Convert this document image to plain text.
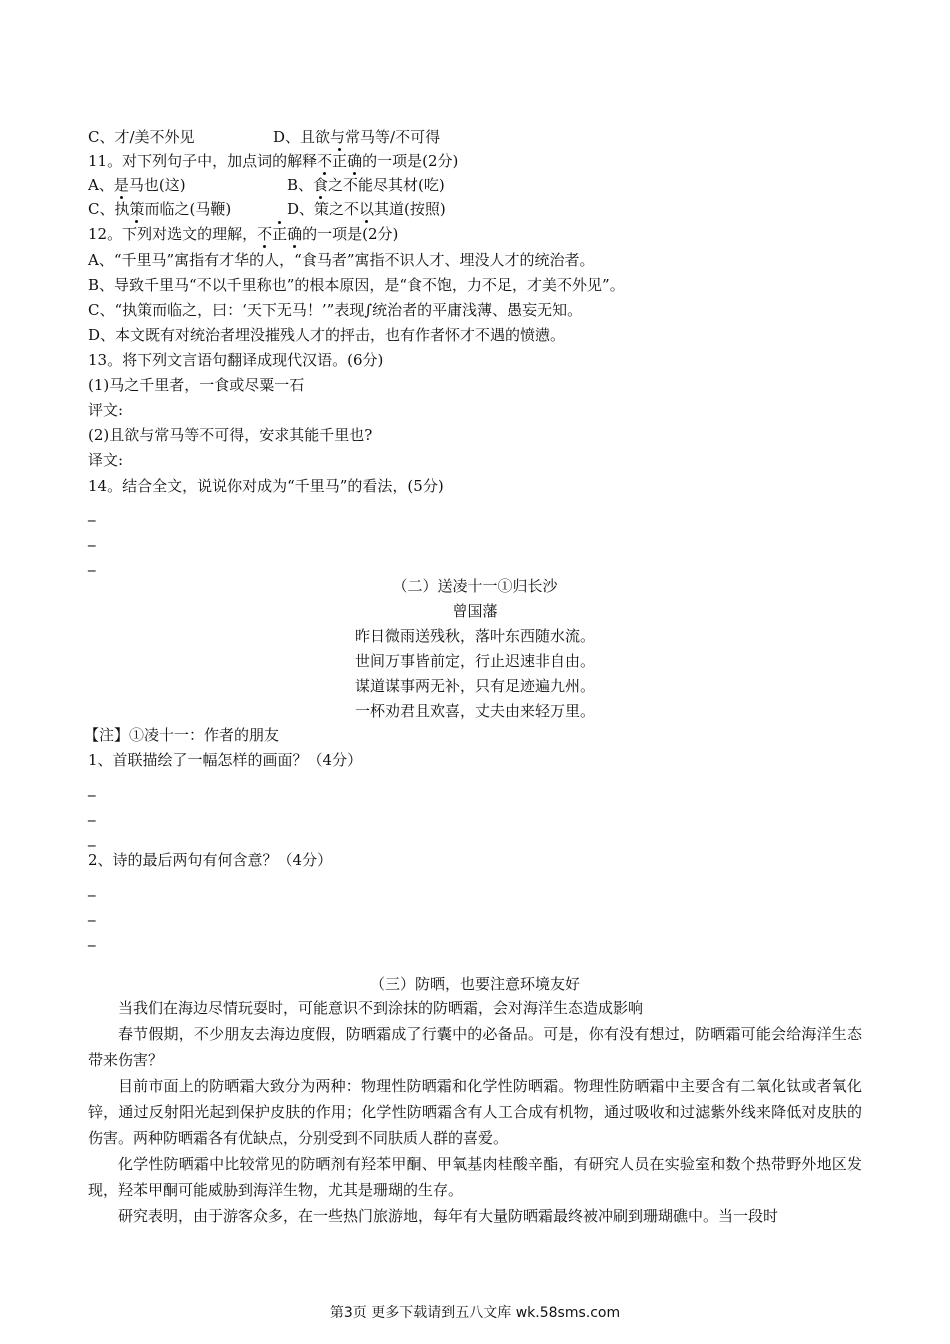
C、才/美不外见	D、且欲与常马等/不可得
11。对下列句子中，加点词的解释不正确的一项是(2分)
A、是马也(这)	B、食之不能尽其材(吃)
C、执策而临之(马鞭)	D、策之不以其道(按照)
12。下列对选文的理解，不正确的一项是(2分)
A、“千里马”寓指有才华的人，“食马者”寓指不识人才、埋没人才的统治者。
B、导致千里马“不以千里称也”的根本原因，是“食不饱，力不足，才美不外见”。
C、“执策而临之，曰：‘天下无马！’”表现∫统治者的平庸浅薄、愚妄无知。
D、本文既有对统治者埋没摧残人才的抨击，也有作者怀才不遇的愤懑。
13。将下列文言语句翻译成现代汉语。(6分)
(1)马之千里者，一食或尽粟一石
评文:
(2)且欲与常马等不可得，安求其能千里也?
译文:
14。结合全文，说说你对成为“千里马”的看法，(5分)
_
_
_
（二）送凌十一①归长沙
曾国藩
昨日微雨送残秋，落叶东西随水流。
世间万事皆前定，行止迟速非自由。
谋道谋事两无补，只有足迹遍九州。
一杯劝君且欢喜，丈夫由来轻万里。
【注】①凌十一：作者的朋友
1、首联描绘了一幅怎样的画面？（4分）
_
_
_
2、诗的最后两句有何含意？（4分）
_
_
_
（三）防晒，也要注意环境友好
当我们在海边尽情玩耍时，可能意识不到涂抹的防晒霜，会对海洋生态造成影响
春节假期，不少朋友去海边度假，防晒霜成了行囊中的必备品。可是，你有没有想过，防晒霜可能会给海洋生态带来伤害？
目前市面上的防晒霜大致分为两种：物理性防晒霜和化学性防晒霜。物理性防晒霜中主要含有二氧化钛或者氧化锌，通过反射阳光起到保护皮肤的作用；化学性防晒霜含有人工合成有机物，通过吸收和过滤紫外线来降低对皮肤的伤害。两种防晒霜各有优缺点，分别受到不同肤质人群的喜爱。
化学性防晒霜中比较常见的防晒剂有羟苯甲酮、甲氧基肉桂酸辛酯，有研究人员在实验室和数个热带野外地区发现，羟苯甲酮可能威胁到海洋生物，尤其是珊瑚的生存。
研究表明，由于游客众多，在一些热门旅游地，每年有大量防晒霜最终被冲刷到珊瑚礁中。当一段时
第3页 更多下载请到五八文库 wk.58sms.com
